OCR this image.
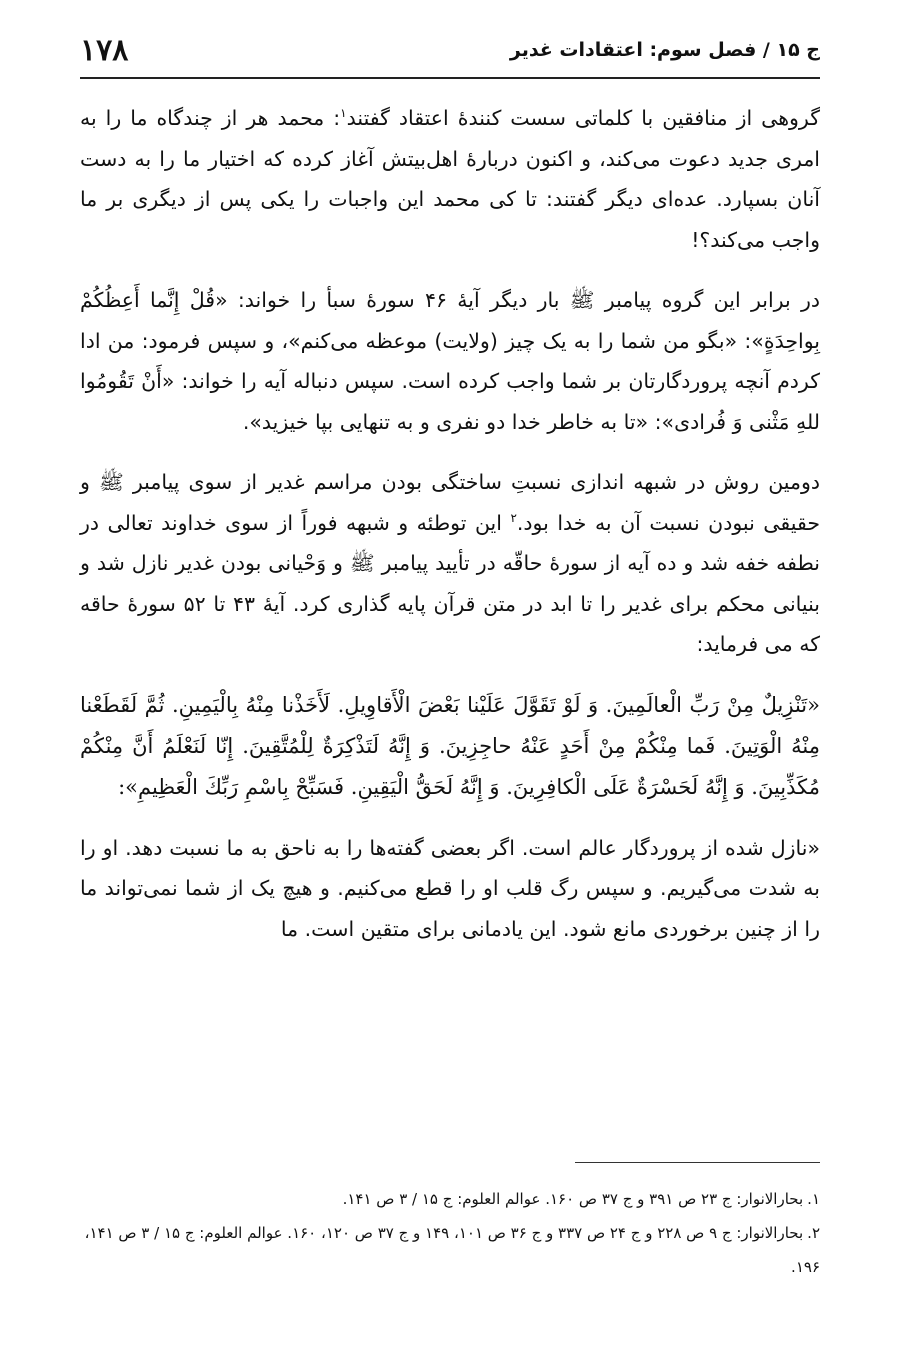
ج ۱۵ / فصل سوم: اعتقادات غدیر
۱۷۸

گروهی از منافقین با کلماتی سست کنندهٔ اعتقاد گفتند$^۱$: محمد هر از چندگاه ما را به امری جدید دعوت می‌کند، و اکنون دربارهٔ اهل‌بیتش آغاز کرده که اختیار ما را به دست آنان بسپارد. عده‌ای دیگر گفتند: تا کی محمد این واجبات را یکی پس از دیگری بر ما واجب می‌کند؟!

در برابر این گروه پیامبر ﷺ بار دیگر آیهٔ ۴۶ سورهٔ سبأ را خواند: «قُلْ إِنَّما أَعِظُكُمْ بِواحِدَةٍ»: «بگو من شما را به یک چیز (ولایت) موعظه می‌کنم»، و سپس فرمود: من ادا کردم آنچه پروردگارتان بر شما واجب کرده است. سپس دنباله آیه را خواند: «أَنْ تَقُومُوا للهِ مَثْنی وَ فُرادی»: «تا به خاطر خدا دو نفری و به تنهایی بپا خیزید».

دومین روش در شبهه اندازی نسبتِ ساختگی بودن مراسم غدیر از سوی پیامبر ﷺ و حقیقی نبودن نسبت آن به خدا بود.$^۲$ این توطئه و شبهه فوراً از سوی خداوند تعالی در نطفه خفه شد و ده آیه از سورهٔ حاقّه در تأیید پیامبر ﷺ و وَحْیانی بودن غدیر نازل شد و بنیانی محکم برای غدیر را تا ابد در متن قرآن پایه گذاری کرد. آیهٔ ۴۳ تا ۵۲ سورهٔ حاقه که می فرماید:

«تَنْزِيلٌ مِنْ رَبِّ الْعالَمِينَ. وَ لَوْ تَقَوَّلَ عَلَيْنا بَعْضَ الْأَقاوِيلِ. لَأَخَذْنا مِنْهُ بِالْيَمِينِ. ثُمَّ لَقَطَعْنا مِنْهُ الْوَتِينَ. فَما مِنْكُمْ مِنْ أَحَدٍ عَنْهُ حاجِزِينَ. وَ إِنَّهُ لَتَذْكِرَةٌ لِلْمُتَّقِينَ. إِنّا لَنَعْلَمُ أَنَّ مِنْكُمْ مُكَذِّبِينَ. وَ إِنَّهُ لَحَسْرَةٌ عَلَى الْكافِرِينَ. وَ إِنَّهُ لَحَقُّ الْيَقِينِ. فَسَبِّحْ بِاسْمِ رَبِّكَ الْعَظِيمِ»:

«نازل شده از پروردگار عالم است. اگر بعضی گفته‌ها را به ناحق به ما نسبت دهد. او را به شدت می‌گیریم. و سپس رگ قلب او را قطع می‌کنیم. و هیچ یک از شما نمی‌تواند ما را از چنین برخوردی مانع شود. این یادمانی برای متقین است. ما

۱.بحارالانوار: ج ۲۳ ص ۳۹۱ و ج ۳۷ ص ۱۶۰. عوالم العلوم: ج ۱۵ / ۳ ص ۱۴۱.

۲.بحارالانوار: ج ۹ ص ۲۲۸ و ج ۲۴ ص ۳۳۷ و ج ۳۶ ص ۱۰۱، ۱۴۹ و ج ۳۷ ص ۱۲۰، ۱۶۰. عوالم العلوم: ج ۱۵ / ۳ ص ۱۴۱، ۱۹۶.
